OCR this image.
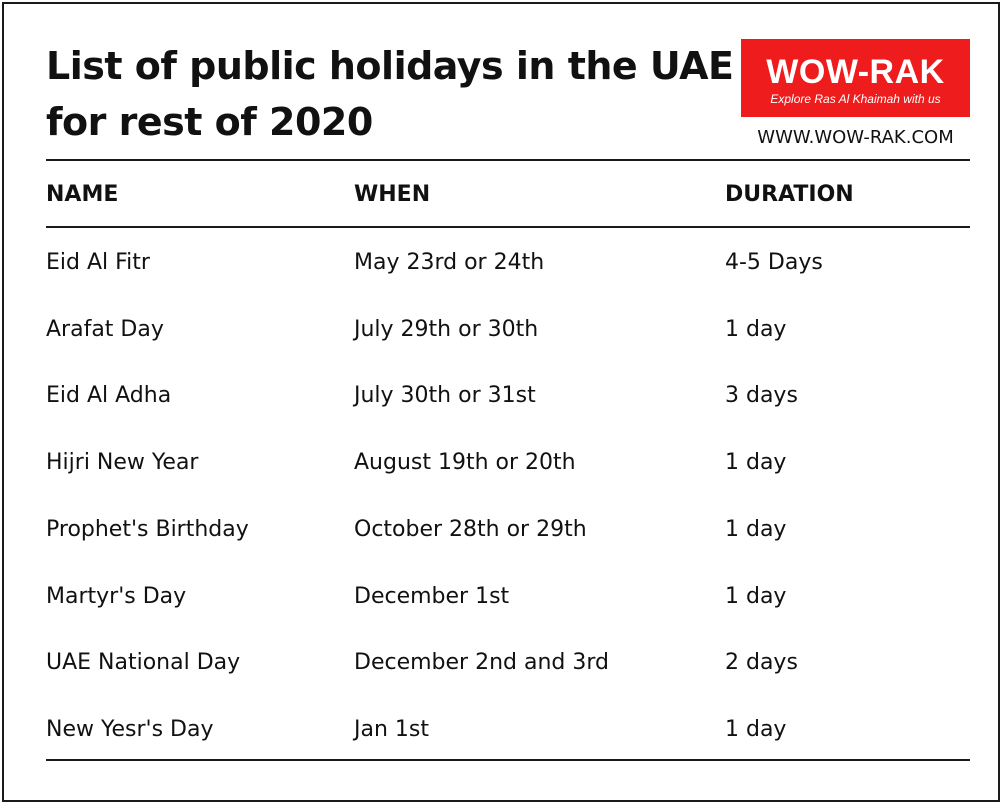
List of public holidays in the UAE
for rest of 2020
WOW-RAK
Explore Ras Al Khaimah with us
WWW.WOW-RAK.COM
NAME	WHEN	DURATION
Eid Al Fitr	May 23rd or 24th	4-5 Days
Arafat Day	July 29th or 30th	1 day
Eid Al Adha	July 30th or 31st	3 days
Hijri New Year	August 19th or 20th	1 day
Prophet's Birthday	October 28th or 29th	1 day
Martyr's Day	December 1st	1 day
UAE National Day	December 2nd and 3rd	2 days
New Yesr's Day	Jan 1st	1 day
